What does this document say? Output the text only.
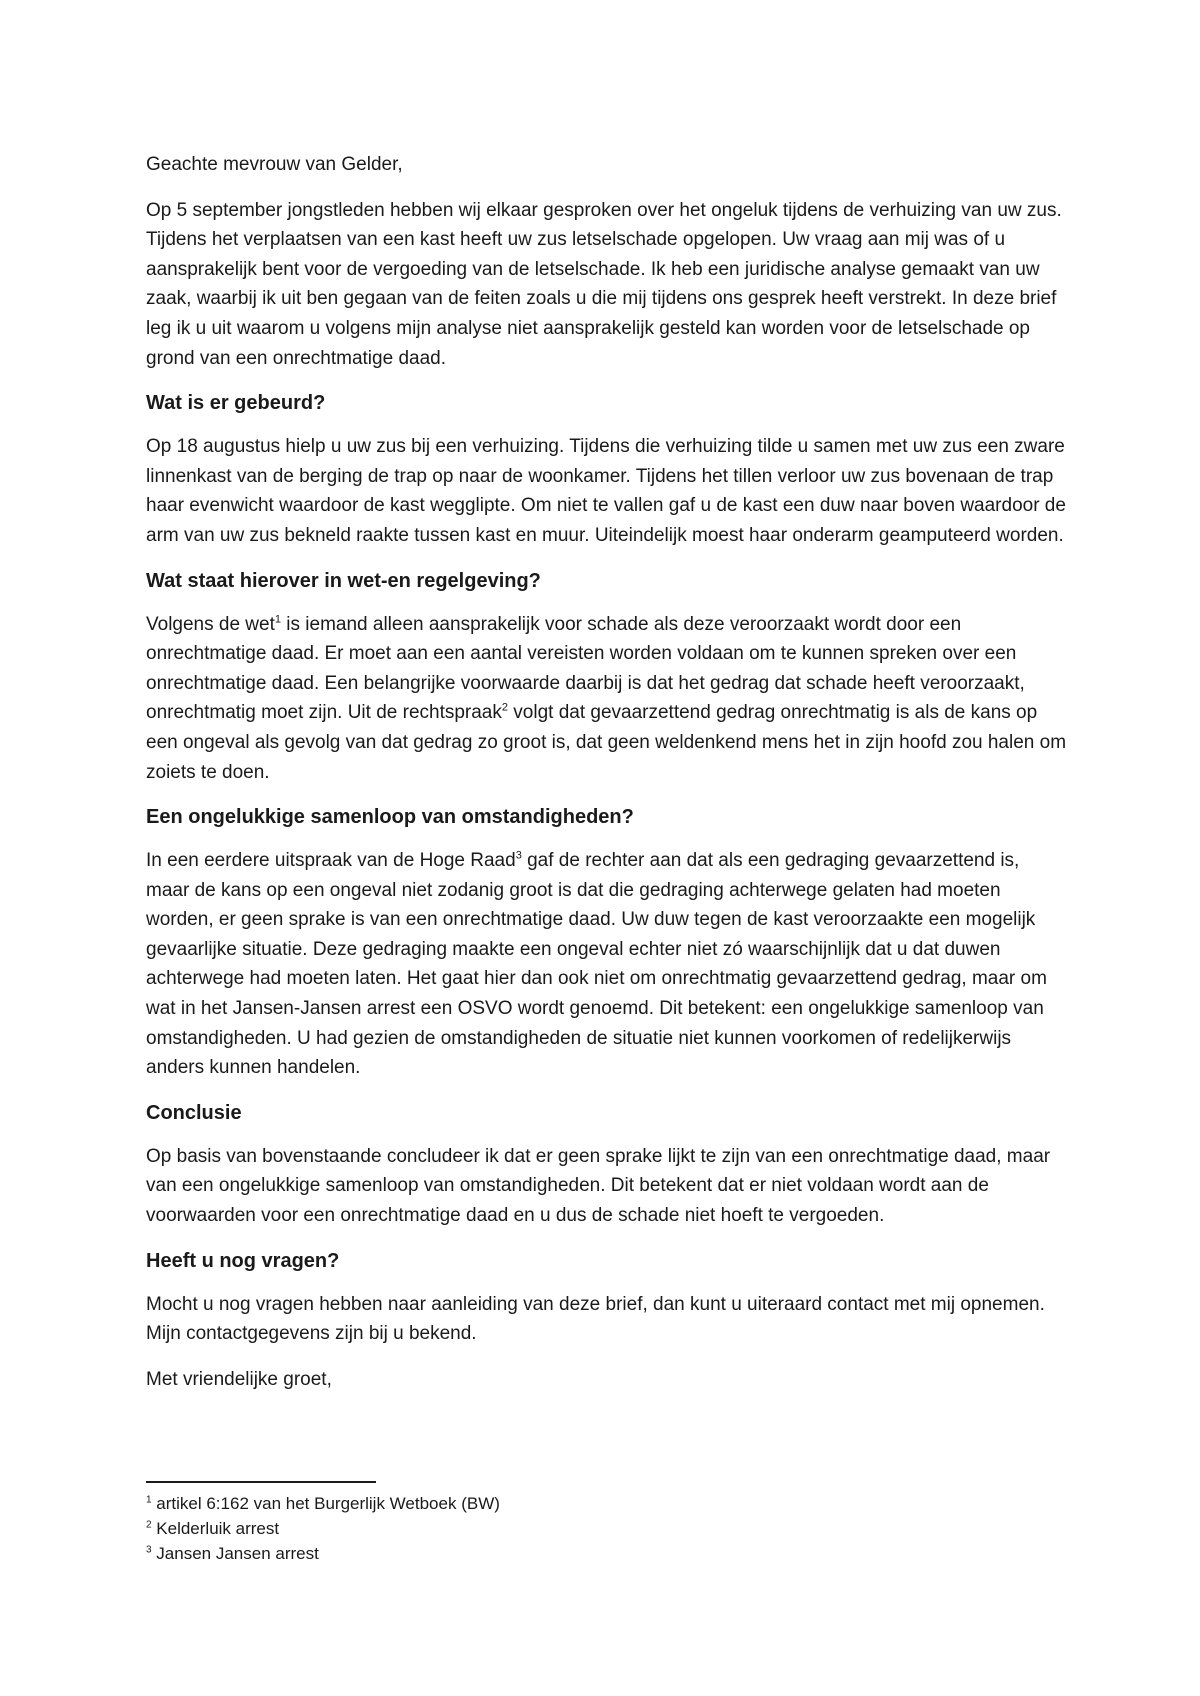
Geachte mevrouw van Gelder,

Op 5 september jongstleden hebben wij elkaar gesproken over het ongeluk tijdens de verhuizing van uw zus. Tijdens het verplaatsen van een kast heeft uw zus letselschade opgelopen. Uw vraag aan mij was of u aansprakelijk bent voor de vergoeding van de letselschade. Ik heb een juridische analyse gemaakt van uw zaak, waarbij ik uit ben gegaan van de feiten zoals u die mij tijdens ons gesprek heeft verstrekt. In deze brief leg ik u uit waarom u volgens mijn analyse niet aansprakelijk gesteld kan worden voor de letselschade op grond van een onrechtmatige daad.

Wat is er gebeurd?

Op 18 augustus hielp u uw zus bij een verhuizing. Tijdens die verhuizing tilde u samen met uw zus een zware linnenkast van de berging de trap op naar de woonkamer. Tijdens het tillen verloor uw zus bovenaan de trap haar evenwicht waardoor de kast wegglipte. Om niet te vallen gaf u de kast een duw naar boven waardoor de arm van uw zus bekneld raakte tussen kast en muur. Uiteindelijk moest haar onderarm geamputeerd worden.

Wat staat hierover in wet-en regelgeving?

Volgens de wet$^1$ is iemand alleen aansprakelijk voor schade als deze veroorzaakt wordt door een onrechtmatige daad. Er moet aan een aantal vereisten worden voldaan om te kunnen spreken over een onrechtmatige daad. Een belangrijke voorwaarde daarbij is dat het gedrag dat schade heeft veroorzaakt, onrechtmatig moet zijn. Uit de rechtspraak$^2$ volgt dat gevaarzettend gedrag onrechtmatig is als de kans op een ongeval als gevolg van dat gedrag zo groot is, dat geen weldenkend mens het in zijn hoofd zou halen om zoiets te doen.

Een ongelukkige samenloop van omstandigheden?

In een eerdere uitspraak van de Hoge Raad$^3$ gaf de rechter aan dat als een gedraging gevaarzettend is, maar de kans op een ongeval niet zodanig groot is dat die gedraging achterwege gelaten had moeten worden, er geen sprake is van een onrechtmatige daad. Uw duw tegen de kast veroorzaakte een mogelijk gevaarlijke situatie. Deze gedraging maakte een ongeval echter niet zó waarschijnlijk dat u dat duwen achterwege had moeten laten. Het gaat hier dan ook niet om onrechtmatig gevaarzettend gedrag, maar om wat in het Jansen-Jansen arrest een OSVO wordt genoemd. Dit betekent: een ongelukkige samenloop van omstandigheden. U had gezien de omstandigheden de situatie niet kunnen voorkomen of redelijkerwijs anders kunnen handelen.

Conclusie

Op basis van bovenstaande concludeer ik dat er geen sprake lijkt te zijn van een onrechtmatige daad, maar van een ongelukkige samenloop van omstandigheden. Dit betekent dat er niet voldaan wordt aan de voorwaarden voor een onrechtmatige daad en u dus de schade niet hoeft te vergoeden.

Heeft u nog vragen?

Mocht u nog vragen hebben naar aanleiding van deze brief, dan kunt u uiteraard contact met mij opnemen. Mijn contactgegevens zijn bij u bekend.

Met vriendelijke groet,

$^1$ artikel 6:162 van het Burgerlijk Wetboek (BW)
$^2$ Kelderluik arrest
$^3$ Jansen Jansen arrest
